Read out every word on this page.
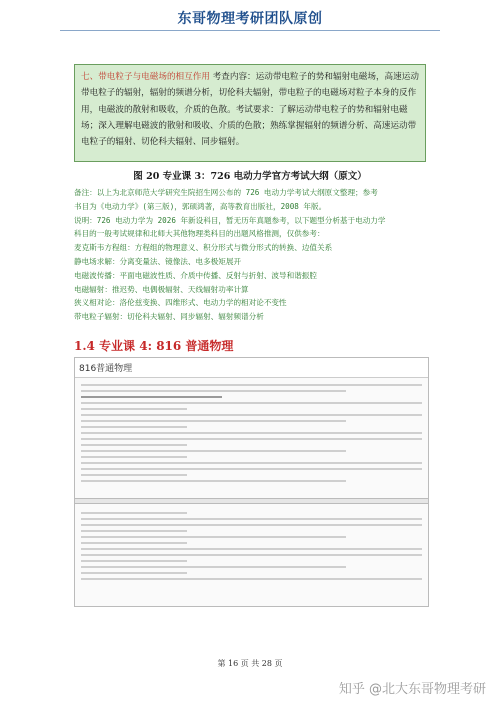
东哥物理考研团队原创
七、带电粒子与电磁场的相互作用 考查内容：运动带电粒子的势和辐射电磁场，高速运动带电粒子的辐射，辐射的频谱分析，切伦科夫辐射，带电粒子的电磁场对粒子本身的反作用，电磁波的散射和吸收，介质的色散。考试要求：了解运动带电粒子的势和辐射电磁场；深入理解电磁波的散射和吸收、介质的色散；熟练掌握辐射的频谱分析、高速运动带电粒子的辐射、切伦科夫辐射、同步辐射。
图 20 专业课 3：726 电动力学官方考试大纲（原文）
备注：以上为北京师范大学研究生院招生网公布的 726 电动力学考试大纲原文整理；参考
书目为《电动力学》(第三版)，郭硕鸿著，高等教育出版社，2008 年版。
说明：726 电动力学为 2026 年新设科目，暂无历年真题参考，以下题型分析基于电动力学
科目的一般考试规律和北师大其他物理类科目的出题风格推测，仅供参考：
麦克斯韦方程组：方程组的物理意义、积分形式与微分形式的转换、边值关系
静电场求解：分离变量法、镜像法、电多极矩展开
电磁波传播：平面电磁波性质、介质中传播、反射与折射、波导和谐振腔
电磁辐射：推迟势、电偶极辐射、天线辐射功率计算
狭义相对论：洛伦兹变换、四维形式、电动力学的相对论不变性
带电粒子辐射：切伦科夫辐射、同步辐射、辐射频谱分析
1.4 专业课 4: 816 普通物理
816普通物理
第 16 页 共 28 页
知乎 @北大东哥物理考研
